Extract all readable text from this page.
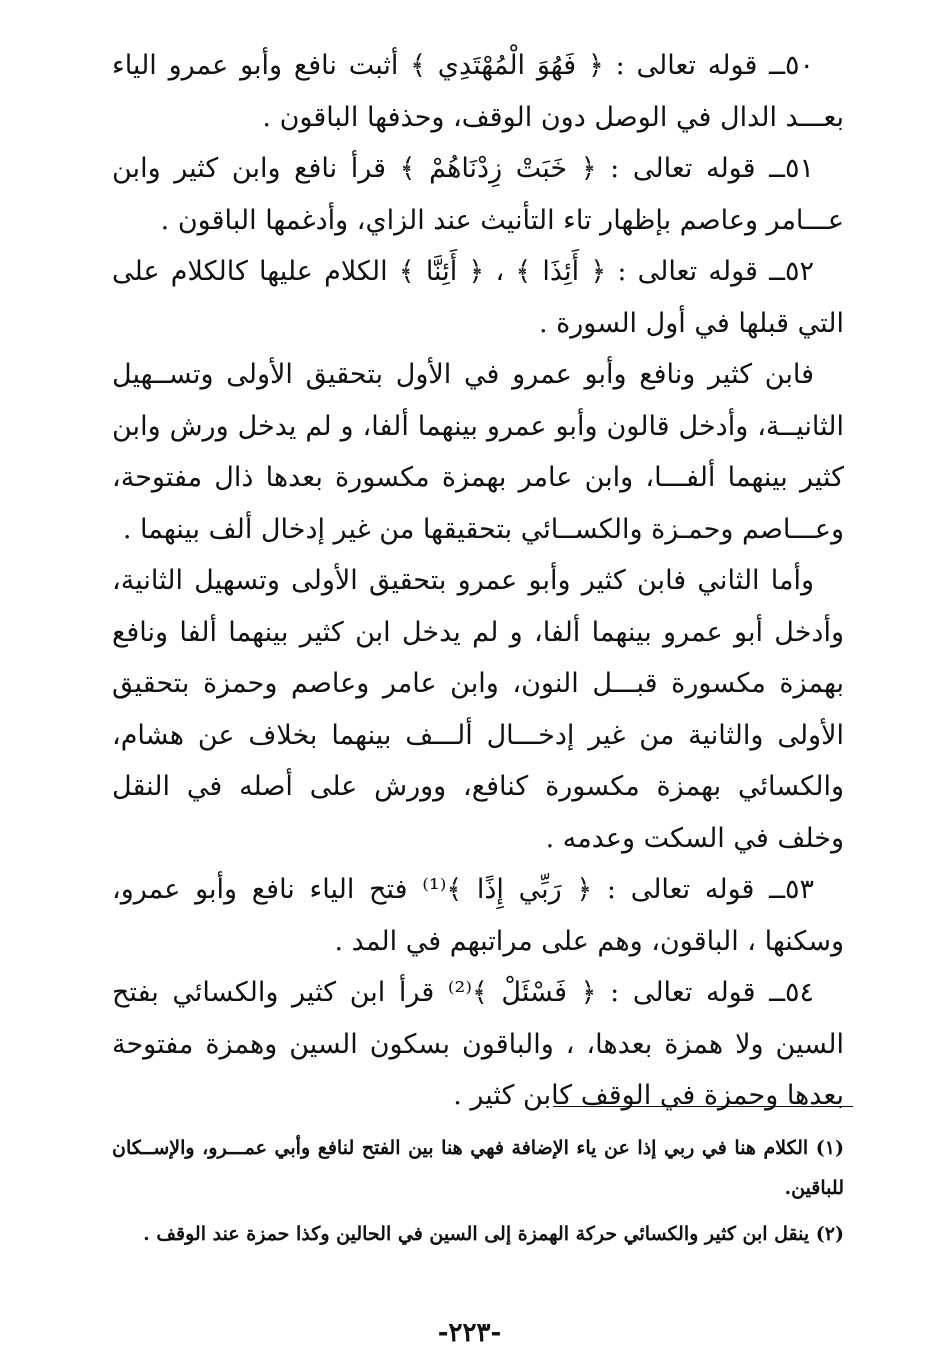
٥٠ــ قوله تعالى : ﴿ فَهُوَ الْمُهْتَدِي ﴾ أثبت نافع وأبو عمرو الياء بعـــد الدال في الوصل دون الوقف، وحذفها الباقون .

٥١ــ قوله تعالى : ﴿ خَبَتْ زِدْنَاهُمْ ﴾ قرأ نافع وابن كثير وابن عـــامر وعاصم بإظهار تاء التأنيث عند الزاي، وأدغمها الباقون .

٥٢ــ قوله تعالى : ﴿ أَئِذَا ﴾ ، ﴿ أَئِنَّا ﴾ الكلام عليها كالكلام على التي قبلها في أول السورة .

فابن كثير ونافع وأبو عمرو في الأول بتحقيق الأولى وتســهيل الثانيــة، وأدخل قالون وأبو عمرو بينهما ألفا، و لم يدخل ورش وابن كثير بينهما ألفـــا، وابن عامر بهمزة مكسورة بعدها ذال مفتوحة، وعـــاصم وحمـزة والكســائي بتحقيقها من غير إدخال ألف بينهما .

وأما الثاني فابن كثير وأبو عمرو بتحقيق الأولى وتسهيل الثانية، وأدخل أبو عمرو بينهما ألفا، و لم يدخل ابن كثير بينهما ألفا ونافع بهمزة مكسورة قبـــل النون، وابن عامر وعاصم وحمزة بتحقيق الأولى والثانية من غير إدخـــال ألـــف بينهما بخلاف عن هشام، والكسائي بهمزة مكسورة كنافع، وورش على أصله في النقل وخلف في السكت وعدمه .

٥٣ــ قوله تعالى : ﴿ رَبِّي إِذًا ﴾⁽¹⁾ فتح الياء نافع وأبو عمرو، وسكنها ، الباقون، وهم على مراتبهم في المد .

٥٤ــ قوله تعالى : ﴿ فَسْئَلْ ﴾⁽²⁾ قرأ ابن كثير والكسائي بفتح السين ولا همزة بعدها، ، والباقون بسكون السين وهمزة مفتوحة بعدها وحمزة في الوقف كابن كثير .

(١) الكلام هنا في ربي إذا عن ياء الإضافة فهي هنا بين الفتح لنافع وأبي عمـــرو، والإســكان للباقين.

(٢) ينقل ابن كثير والكسائي حركة الهمزة إلى السين في الحالين وكذا حمزة عند الوقف .

-٢٢٣-
